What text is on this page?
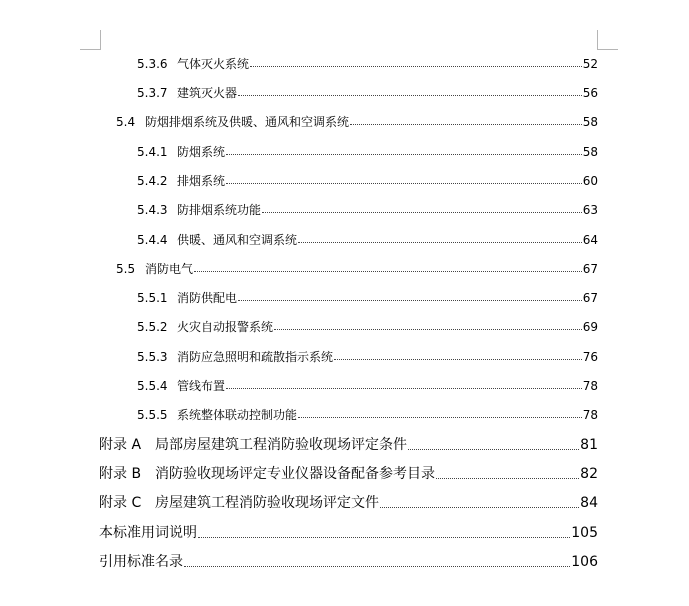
5.3.6 气体灭火系统	52
5.3.7 建筑灭火器	56
5.4 防烟排烟系统及供暖、通风和空调系统	58
5.4.1 防烟系统	58
5.4.2 排烟系统	60
5.4.3 防排烟系统功能	63
5.4.4 供暖、通风和空调系统	64
5.5 消防电气	67
5.5.1 消防供配电	67
5.5.2 火灾自动报警系统	69
5.5.3 消防应急照明和疏散指示系统	76
5.5.4 管线布置	78
5.5.5 系统整体联动控制功能	78
附录 A 局部房屋建筑工程消防验收现场评定条件	81
附录 B 消防验收现场评定专业仪器设备配备参考目录	82
附录 C 房屋建筑工程消防验收现场评定文件	84
本标准用词说明	105
引用标准名录	106
